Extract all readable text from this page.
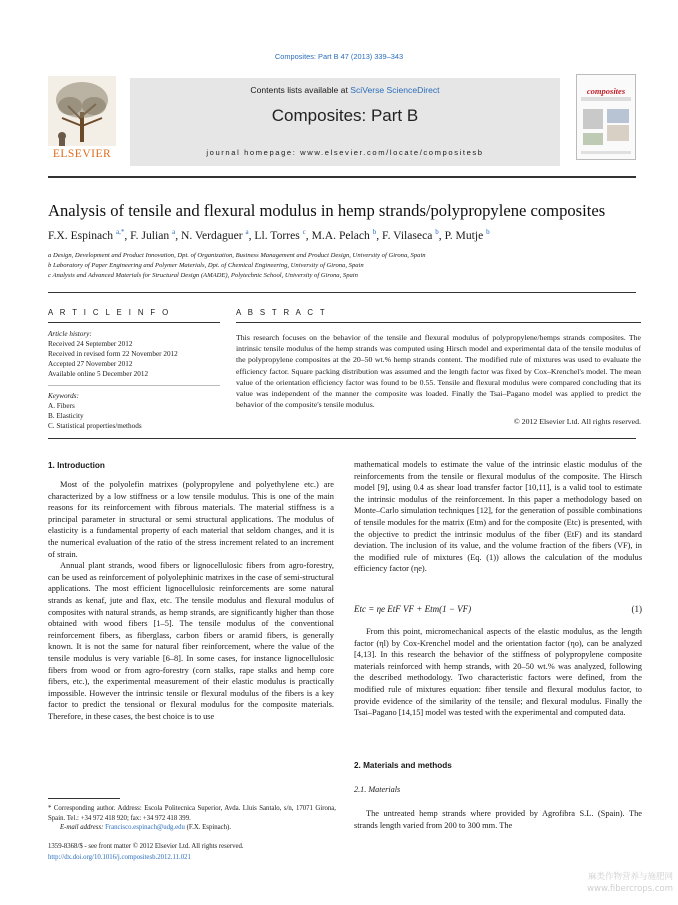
Composites: Part B 47 (2013) 339–343
ELSEVIER
Contents lists available at SciVerse ScienceDirect
Composites: Part B
journal homepage: www.elsevier.com/locate/compositesb
composites
Analysis of tensile and flexural modulus in hemp strands/polypropylene composites
F.X. Espinach $^{a,*}$, F. Julian $^a$, N. Verdaguer $^a$, Ll. Torres $^c$, M.A. Pelach $^b$, F. Vilaseca $^b$, P. Mutje $^b$
a Design, Development and Product Innovation, Dpt. of Organization, Business Management and Product Design, University of Girona, Spain
b Laboratory of Paper Engineering and Polymer Materials, Dpt. of Chemical Engineering, University of Girona, Spain
c Analysis and Advanced Materials for Structural Design (AMADE), Polytechnic School, University of Girona, Spain
A R T I C L E I N F O
Article history:
Received 24 September 2012
Received in revised form 22 November 2012
Accepted 27 November 2012
Available online 5 December 2012
Keywords:
A. Fibers
B. Elasticity
C. Statistical properties/methods
A B S T R A C T
This research focuses on the behavior of the tensile and flexural modulus of polypropylene/hemps strands composites. The intrinsic tensile modulus of the hemp strands was computed using Hirsch model and experimental data of the tensile modulus of the polypropylene composites at the 20–50 wt.% hemp strands content. The modified rule of mixtures was used to evaluate the efficiency factor. Square packing distribution was assumed and the length factor was fixed by Cox–Krenchel's model. The mean value of the orientation efficiency factor was found to be 0.55. Tensile and flexural modulus were compared concluding that its value was independent of the manner the composite was loaded. Finally the Tsai–Pagano model was applied to predict the behavior of the composite's tensile modulus.
© 2012 Elsevier Ltd. All rights reserved.
1. Introduction

Most of the polyolefin matrixes (polypropylene and polyethylene etc.) are characterized by a low stiffness or a low tensile modulus. This is one of the main reasons for its reinforcement with fibrous materials. The material stiffness is a principal parameter in structural or semi structural applications. The modulus of elasticity is a fundamental property of each material that seldom changes, and it is the numerical evaluation of the ratio of the stress increment related to an increment of strain.

Annual plant strands, wood fibers or lignocellulosic fibers from agro-forestry, can be used as reinforcement of polyolephinic matrixes in the case of semi-structural applications. The most efficient lignocellulosic reinforcements are some natural strands as kenaf, jute and flax, etc. The tensile modulus and flexural modulus of composites with natural strands, as hemp strands, are significantly higher than those obtained with wood fibers [1–5]. The tensile modulus of the conventional reinforcement fibers, as fiberglass, carbon fibers or aramid fibers, is generally known. It is not the same for natural fiber reinforcement, where the value of the tensile modulus is very variable [6–8]. In some cases, for instance lignocellulosic fibers from wood or from agro-forestry (corn stalks, rape stalks and hemp core fibers, etc.), the experimental measurement of their elastic modulus is practically impossible. However the intrinsic tensile or flexural modulus of the fibers is a key factor to predict the tensional or flexural modulus for the composite materials. Therefore, in these cases, the best choice is to use

* Corresponding author. Address: Escola Politecnica Superior, Avda. Lluis Santalo, s/n, 17071 Girona, Spain. Tel.: +34 972 418 920; fax: +34 972 418 399.
E-mail address: Francisco.espinach@udg.edu (F.X. Espinach).
1359-8368/$ - see front matter © 2012 Elsevier Ltd. All rights reserved.
http://dx.doi.org/10.1016/j.compositesb.2012.11.021

mathematical models to estimate the value of the intrinsic elastic modulus of the reinforcements from the tensile or flexural modulus of the composite. The Hirsch model [9], using 0.4 as shear load transfer factor [10,11], is a valid tool to estimate the intrinsic modulus of the reinforcement. In this paper a methodology based on Monte–Carlo simulation techniques [12], for the generation of possible combinations of tensile modules for the matrix (Etm) and for the composite (Etc) is presented, with the objective to predict the intrinsic modulus of the fiber (EtF) and its standard deviation. The inclusion of its value, and the volume fraction of the fibers (VF), in the modified rule of mixtures (Eq. (1)) allows the calculation of the modulus efficiency factor (ηe).

Etc = ηe EtF VF + Etm(1 − VF)	(1)

From this point, micromechanical aspects of the elastic modulus, as the length factor (ηl) by Cox-Krenchel model and the orientation factor (ηo), can be analyzed [4,13]. In this research the behavior of the stiffness of polypropylene composite materials reinforced with hemp strands, with 20–50 wt.% was analyzed, following the described methodology. Two characteristic factors were defined, from the modified rule of mixtures equation: fiber tensile and flexural modulus factor, to provide evidence of the similarity of the tensile; and flexural modulus. Finally the Tsai–Pagano [14,15] model was tested with the experimental and computed data.

2. Materials and methods
2.1. Materials

The untreated hemp strands where provided by Agrofibra S.L. (Spain). The strands length varied from 200 to 300 mm. The

麻类作物营养与施肥网
www.fibercrops.com
